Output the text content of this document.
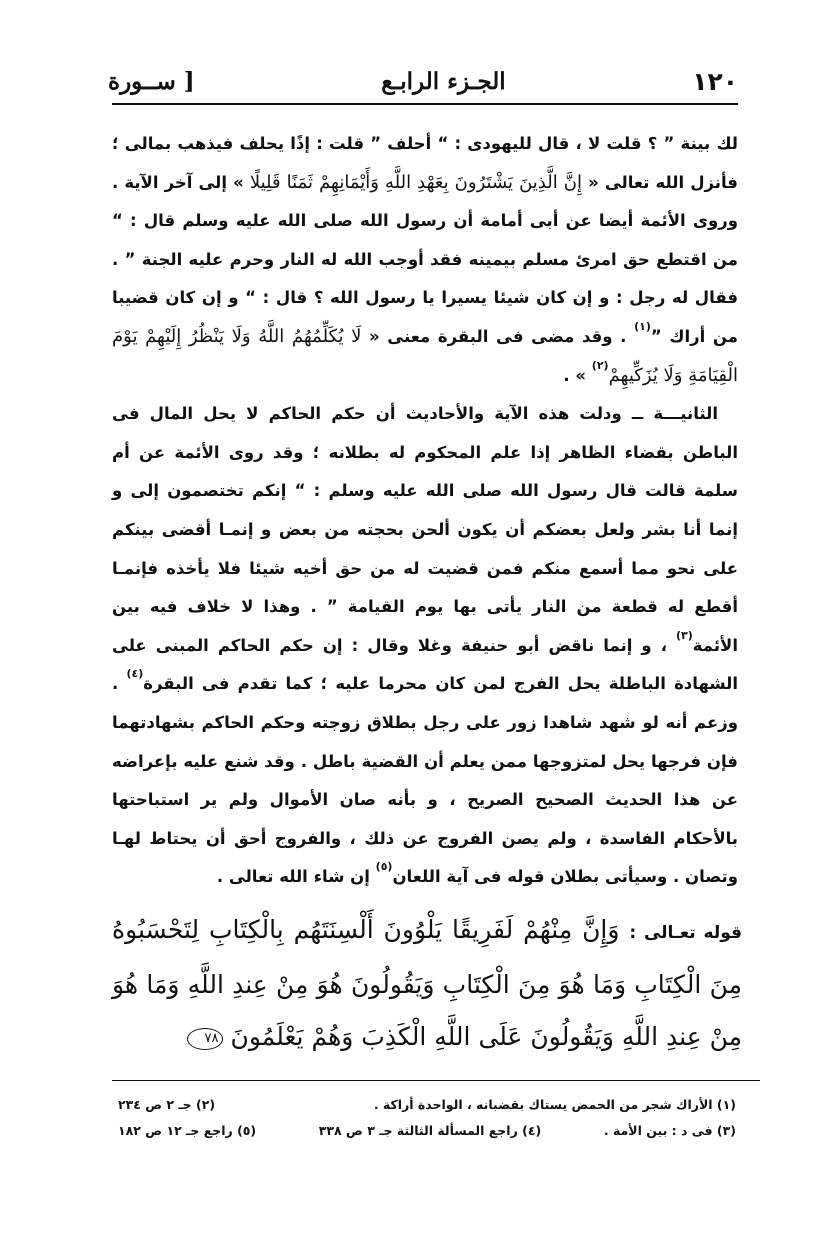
١٢٠
الجـزء الرابـع
[ ســورة

لك بينة ” ؟ قلت لا ، قال لليهودى : “ أحلف ” قلت : إذًا يحلف فيذهب بمالى ؛ فأنزل الله تعالى « إِنَّ الَّذِينَ يَشْتَرُونَ بِعَهْدِ اللَّهِ وَأَيْمَانِهِمْ ثَمَنًا قَلِيلًا » إلى آخر الآية . وروى الأئمة أيضا عن أبى أمامة أن رسول الله صلى الله عليه وسلم قال : “ من اقتطع حق امرئ مسلم بيمينه فقد أوجب الله له النار وحرم عليه الجنة ” . فقال له رجل : و إن كان شيئا يسيرا يا رسول الله ؟ قال : “ و إن كان قضيبا من أراك ”$^{(١)}$ . وقد مضى فى البقرة معنى « لَا يُكَلِّمُهُمُ اللَّهُ وَلَا يَنْظُرُ إِلَيْهِمْ يَوْمَ الْقِيَامَةِ وَلَا يُزَكِّيهِمْ$^{(٢)}$ » .

الثانيـــة ــ ودلت هذه الآية والأحاديث أن حكم الحاكم لا يحل المال فى الباطن بقضاء الظاهر إذا علم المحكوم له بطلانه ؛ وقد روى الأئمة عن أم سلمة قالت قال رسول الله صلى الله عليه وسلم : “ إنكم تختصمون إلى و إنما أنا بشر ولعل بعضكم أن يكون ألحن بحجته من بعض و إنمـا أقضى بينكم على نحو مما أسمع منكم فمن قضيت له من حق أخيه شيئا فلا يأخذه فإنمـا أقطع له قطعة من النار يأتى بها يوم القيامة ” . وهذا لا خلاف فيه بين الأئمة$^{(٣)}$ ، و إنما ناقض أبو حنيفة وغلا وقال : إن حكم الحاكم المبنى على الشهادة الباطلة يحل الفرج لمن كان محرما عليه ؛ كما تقدم فى البقرة$^{(٤)}$ . وزعم أنه لو شهد شاهدا زور على رجل بطلاق زوجته وحكم الحاكم بشهادتهما فإن فرجها يحل لمتزوجها ممن يعلم أن القضية باطل . وقد شنع عليه بإعراضه عن هذا الحديث الصحيح الصريح ، و بأنه صان الأموال ولم ير استباحتها بالأحكام الفاسدة ، ولم يصن الفروج عن ذلك ، والفروج أحق أن يحتاط لهـا وتصان . وسيأتى بطلان قوله فى آية اللعان$^{(٥)}$ إن شاء الله تعالى .

قوله تعـالى : وَإِنَّ مِنْهُمْ لَفَرِيقًا يَلْوُونَ أَلْسِنَتَهُم بِالْكِتَابِ لِتَحْسَبُوهُ مِنَ الْكِتَابِ وَمَا هُوَ مِنَ الْكِتَابِ وَيَقُولُونَ هُوَ مِنْ عِندِ اللَّهِ وَمَا هُوَ مِنْ عِندِ اللَّهِ وَيَقُولُونَ عَلَى اللَّهِ الْكَذِبَ وَهُمْ يَعْلَمُونَ ٧٨
(١) الأراك شجر من الحمض يستاك بقضبانه ، الواحدة أراكة .
(٢) جـ ٢ ص ٢٣٤
(٣) فى د : بين الأمة .
(٤) راجع المسألة الثالثة جـ ٣ ص ٣٣٨
(٥) راجع جـ ١٢ ص ١٨٢
